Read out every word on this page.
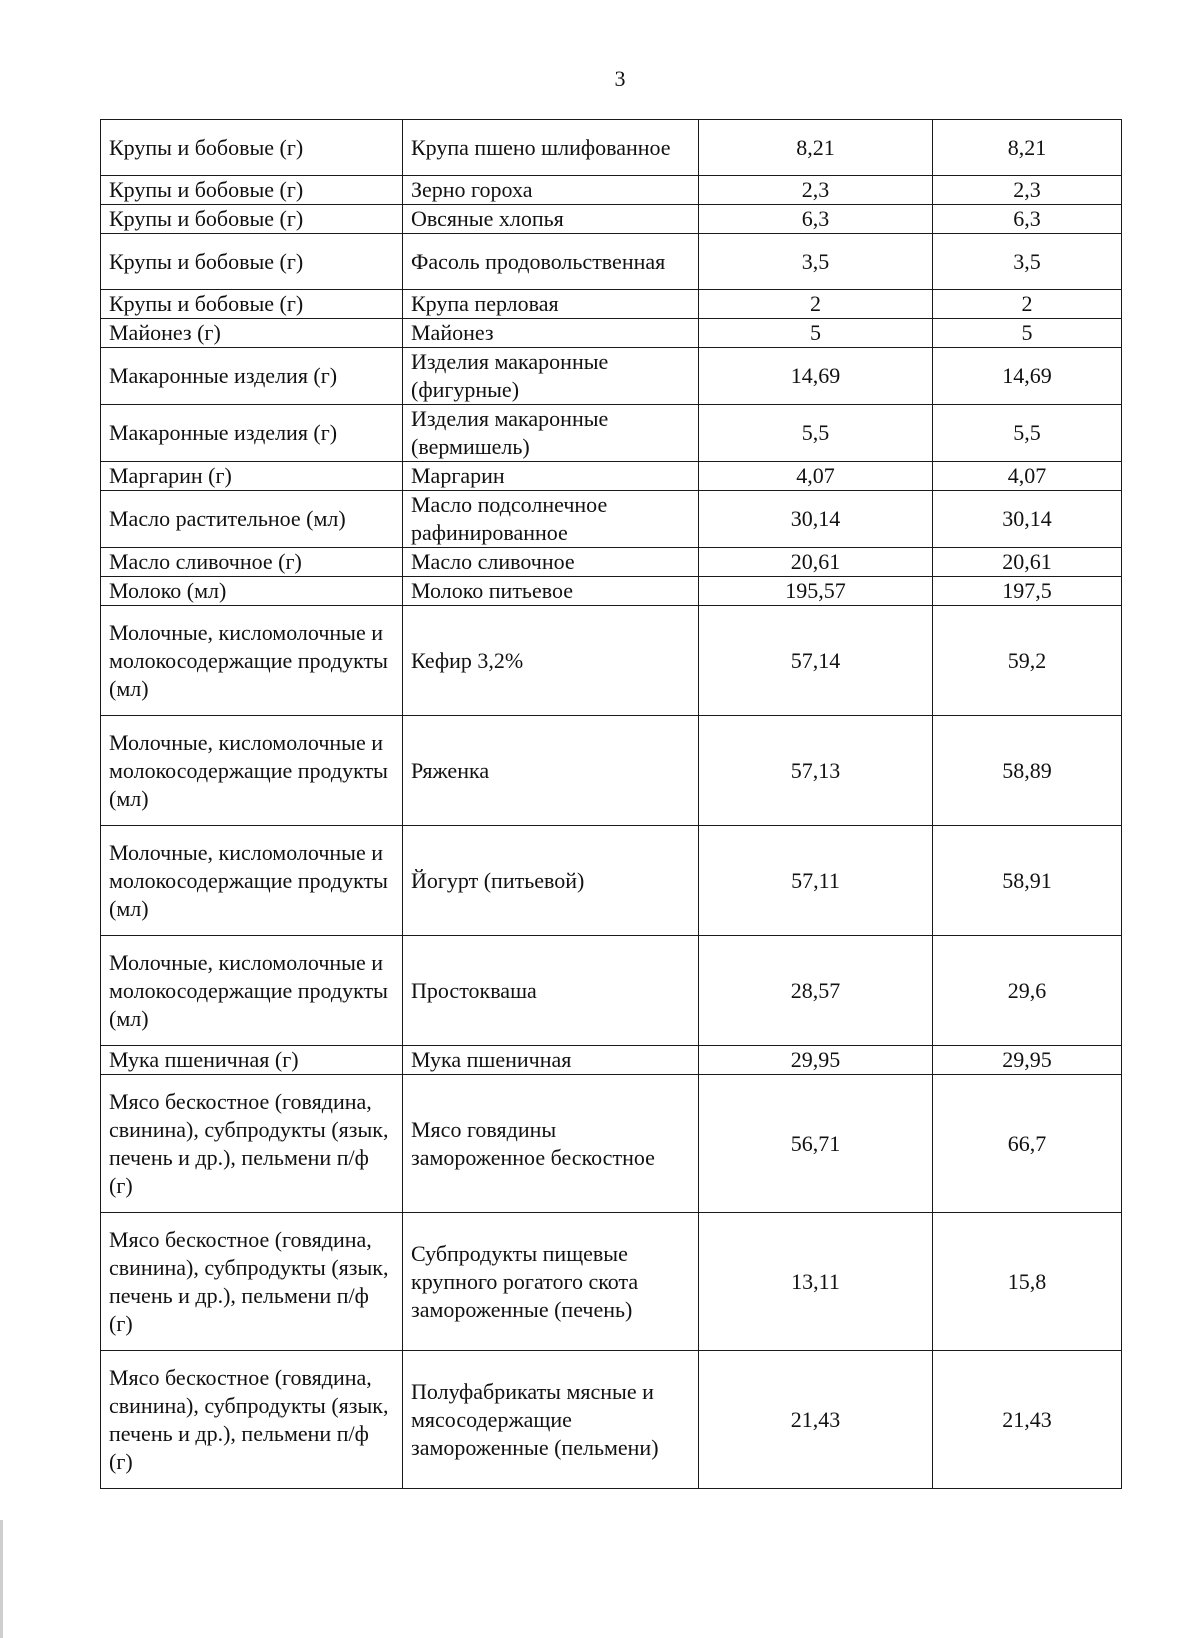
3
Крупы и бобовые (г)	Крупа пшено шлифованное	8,21	8,21
Крупы и бобовые (г)	Зерно гороха	2,3	2,3
Крупы и бобовые (г)	Овсяные хлопья	6,3	6,3
Крупы и бобовые (г)	Фасоль продовольственная	3,5	3,5
Крупы и бобовые (г)	Крупа перловая	2	2
Майонез (г)	Майонез	5	5
Макаронные изделия (г)	Изделия макаронные (фигурные)	14,69	14,69
Макаронные изделия (г)	Изделия макаронные (вермишель)	5,5	5,5
Маргарин (г)	Маргарин	4,07	4,07
Масло растительное (мл)	Масло подсолнечное рафинированное	30,14	30,14
Масло сливочное (г)	Масло сливочное	20,61	20,61
Молоко (мл)	Молоко питьевое	195,57	197,5
Молочные, кисломолочные и молокосодержащие продукты (мл)	Кефир 3,2%	57,14	59,2
Молочные, кисломолочные и молокосодержащие продукты (мл)	Ряженка	57,13	58,89
Молочные, кисломолочные и молокосодержащие продукты (мл)	Йогурт (питьевой)	57,11	58,91
Молочные, кисломолочные и молокосодержащие продукты (мл)	Простокваша	28,57	29,6
Мука пшеничная (г)	Мука пшеничная	29,95	29,95
Мясо бескостное (говядина, свинина), субпродукты (язык, печень и др.), пельмени п/ф (г)	Мясо говядины замороженное бескостное	56,71	66,7
Мясо бескостное (говядина, свинина), субпродукты (язык, печень и др.), пельмени п/ф (г)	Субпродукты пищевые крупного рогатого скота замороженные (печень)	13,11	15,8
Мясо бескостное (говядина, свинина), субпродукты (язык, печень и др.), пельмени п/ф (г)	Полуфабрикаты мясные и мясосодержащие замороженные (пельмени)	21,43	21,43
